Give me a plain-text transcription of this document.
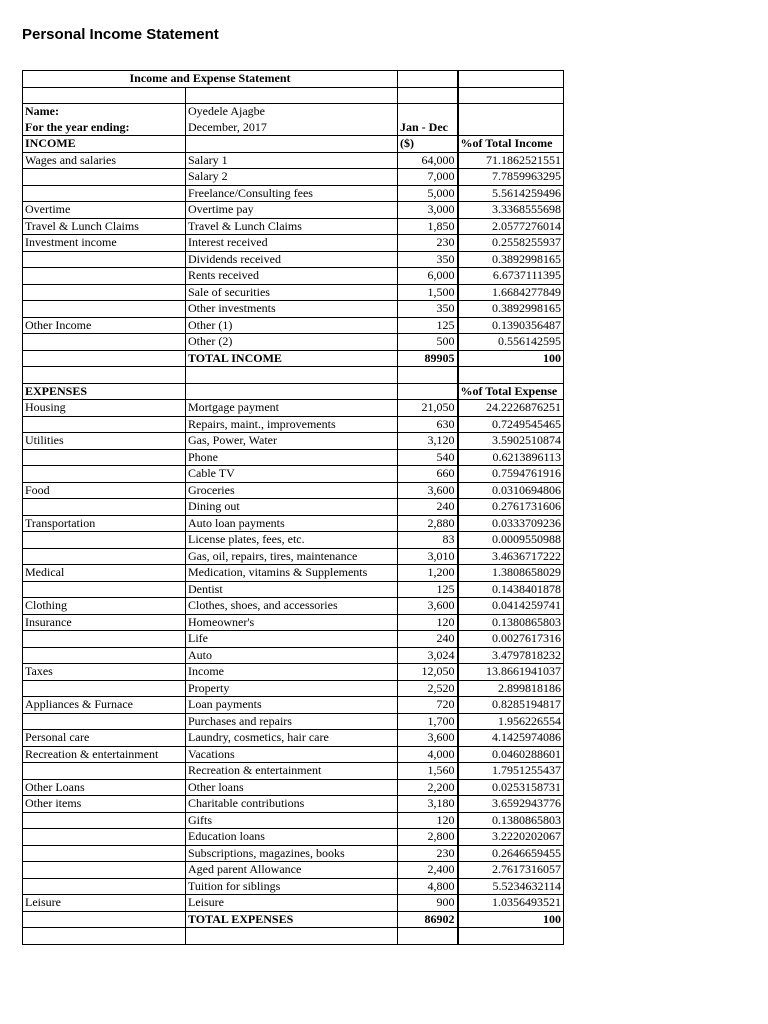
Personal Income Statement
Income and Expense Statement			

Name:	Oyedele Ajagbe		
For the year ending:	December, 2017	Jan - Dec	
INCOME		($)	%of Total Income
Wages and salaries	Salary 1	64,000	71.1862521551
	Salary 2	7,000	7.7859963295
	Freelance/Consulting fees	5,000	5.5614259496
Overtime	Overtime pay	3,000	3.3368555698
Travel & Lunch Claims	Travel & Lunch Claims	1,850	2.0577276014
Investment income	Interest received	230	0.2558255937
	Dividends received	350	0.3892998165
	Rents received	6,000	6.6737111395
	Sale of securities	1,500	1.6684277849
	Other investments	350	0.3892998165
Other Income	Other (1)	125	0.1390356487
	Other (2)	500	0.556142595
	TOTAL INCOME	89905	100

EXPENSES			%of Total Expense
Housing	Mortgage payment	21,050	24.2226876251
	Repairs, maint., improvements	630	0.7249545465
Utilities	Gas, Power, Water	3,120	3.5902510874
	Phone	540	0.6213896113
	Cable TV	660	0.7594761916
Food	Groceries	3,600	0.0310694806
	Dining out	240	0.2761731606
Transportation	Auto loan payments	2,880	0.0333709236
	License plates, fees, etc.	83	0.0009550988
	Gas, oil, repairs, tires, maintenance	3,010	3.4636717222
Medical	Medication, vitamins & Supplements	1,200	1.3808658029
	Dentist	125	0.1438401878
Clothing	Clothes, shoes, and accessories	3,600	0.0414259741
Insurance	Homeowner's	120	0.1380865803
	Life	240	0.0027617316
	Auto	3,024	3.4797818232
Taxes	Income	12,050	13.8661941037
	Property	2,520	2.899818186
Appliances & Furnace	Loan payments	720	0.8285194817
	Purchases and repairs	1,700	1.956226554
Personal care	Laundry, cosmetics, hair care	3,600	4.1425974086
Recreation & entertainment	Vacations	4,000	0.0460288601
	Recreation & entertainment	1,560	1.7951255437
Other Loans	Other loans	2,200	0.0253158731
Other items	Charitable contributions	3,180	3.6592943776
	Gifts	120	0.1380865803
	Education loans	2,800	3.2220202067
	Subscriptions, magazines, books	230	0.2646659455
	Aged parent Allowance	2,400	2.7617316057
	Tuition for siblings	4,800	5.5234632114
Leisure	Leisure	900	1.0356493521
	TOTAL EXPENSES	86902	100
